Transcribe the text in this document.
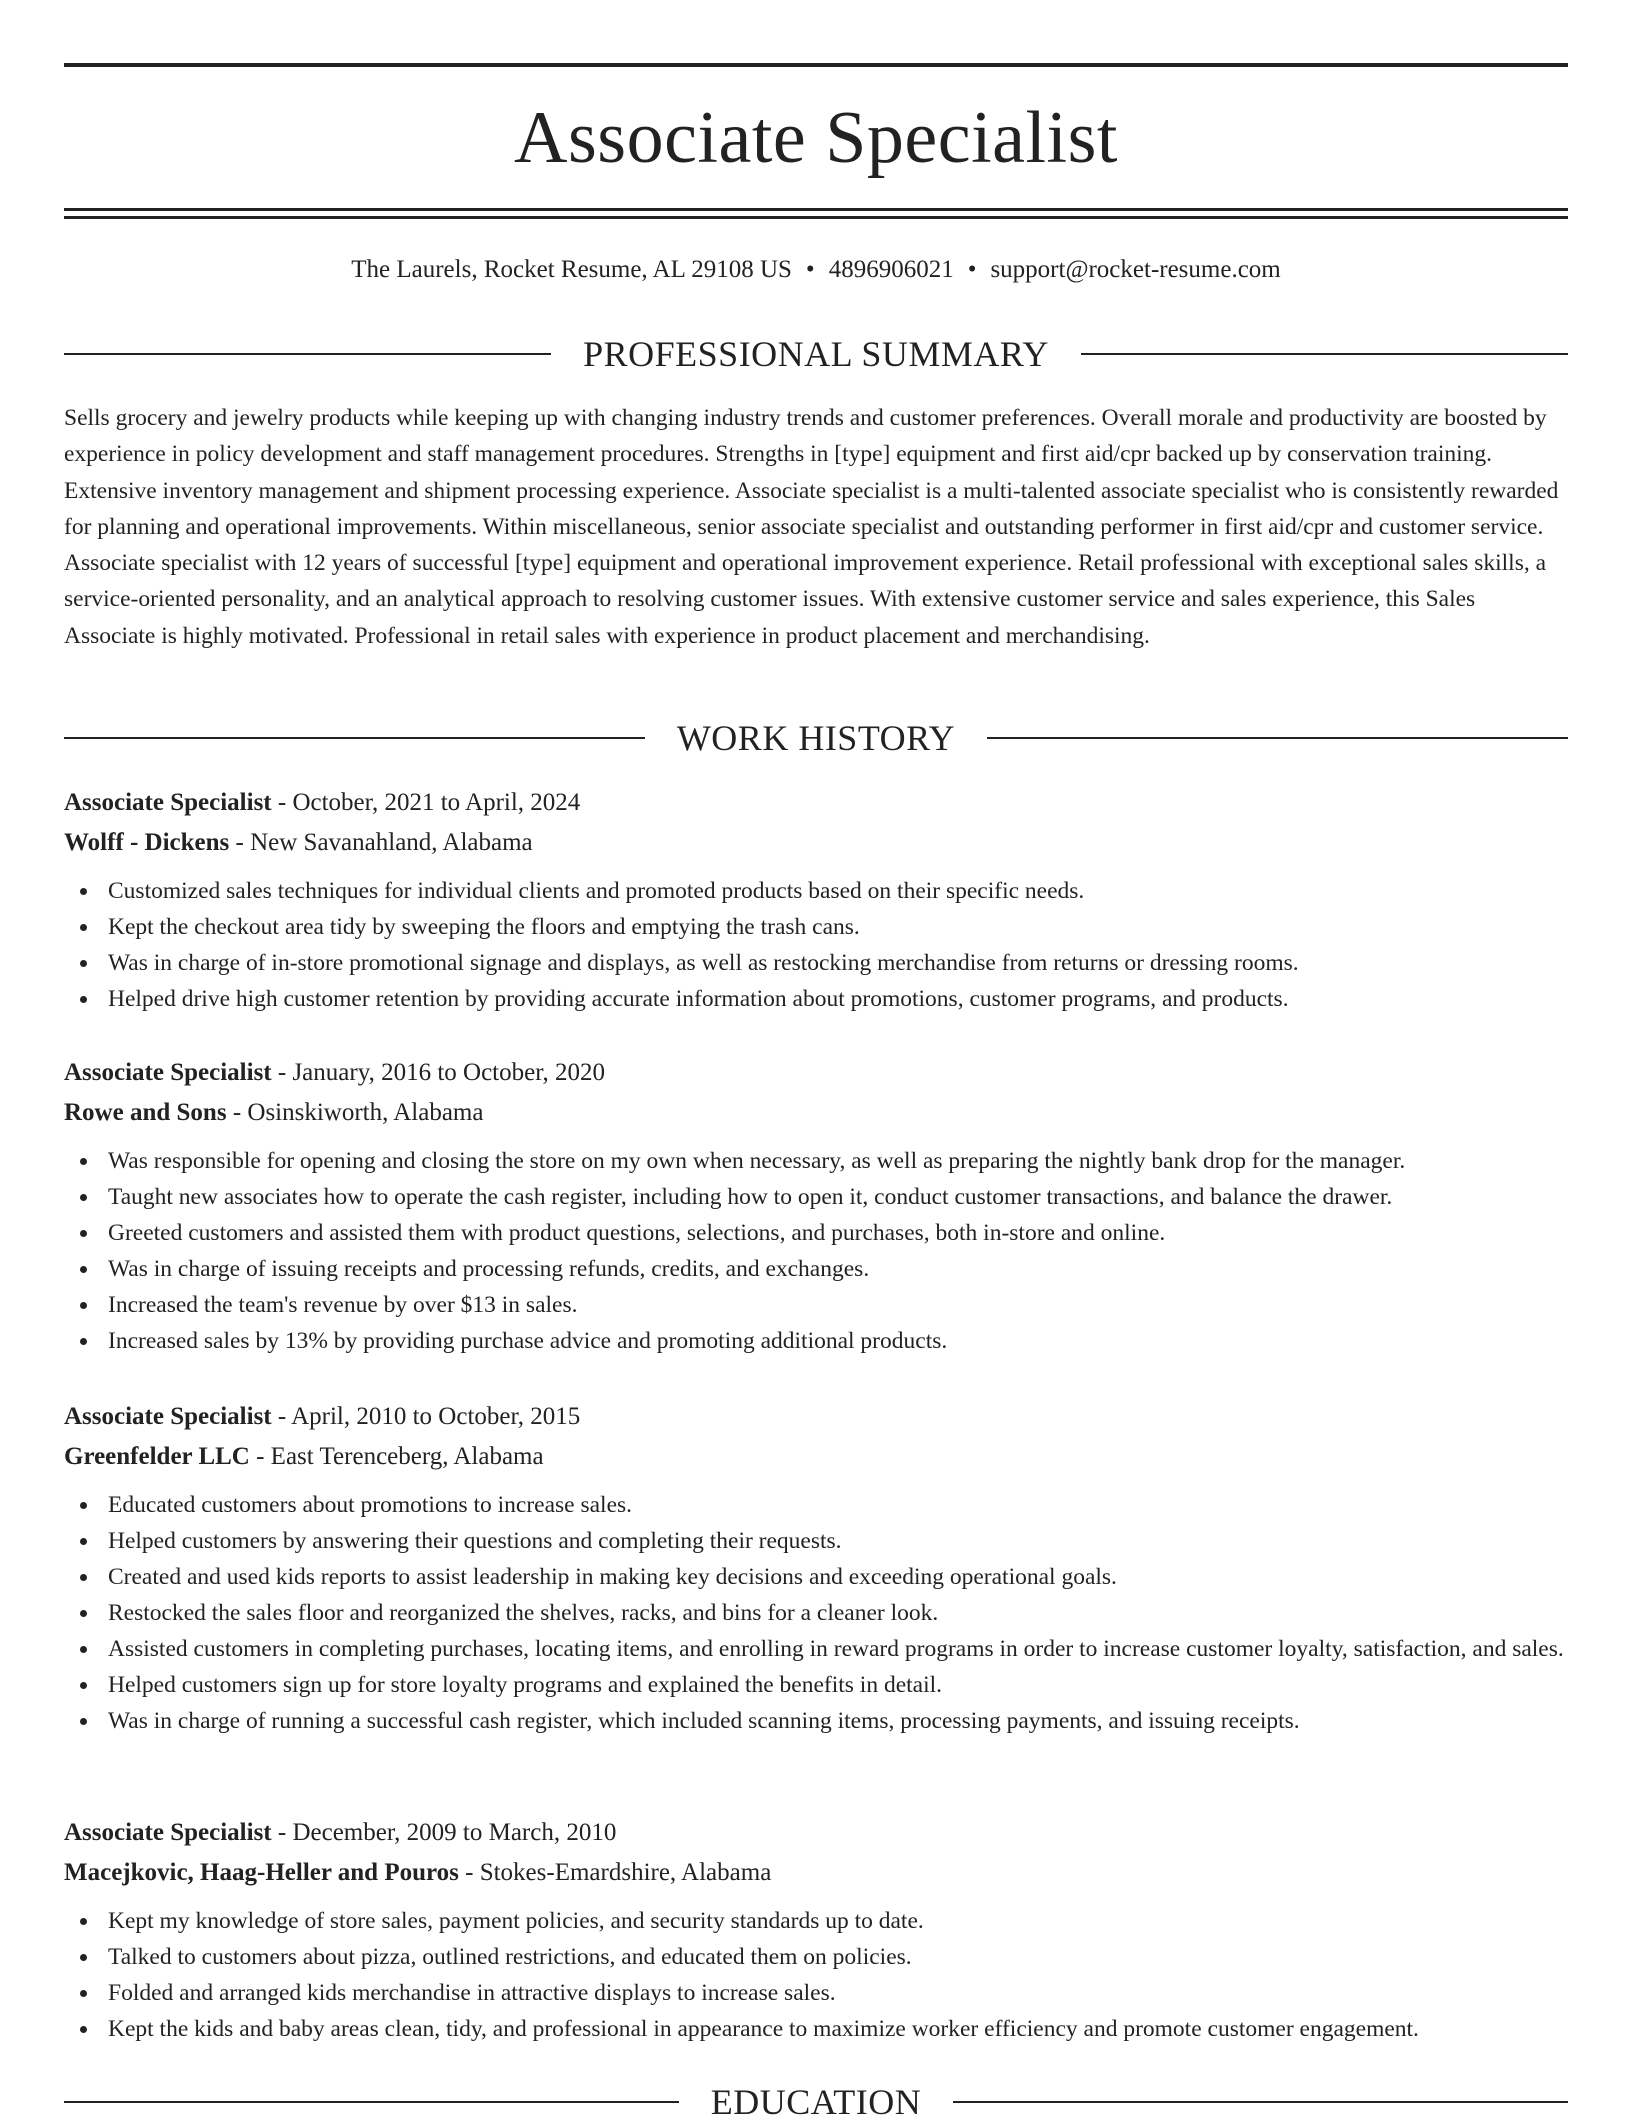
Associate Specialist
The Laurels, Rocket Resume, AL 29108 US • 4896906021 • support@rocket-resume.com
PROFESSIONAL SUMMARY

Sells grocery and jewelry products while keeping up with changing industry trends and customer preferences. Overall morale and productivity are boosted by experience in policy development and staff management procedures. Strengths in [type] equipment and first aid/cpr backed up by conservation training. Extensive inventory management and shipment processing experience. Associate specialist is a multi-talented associate specialist who is consistently rewarded for planning and operational improvements. Within miscellaneous, senior associate specialist and outstanding performer in first aid/cpr and customer service. Associate specialist with 12 years of successful [type] equipment and operational improvement experience. Retail professional with exceptional sales skills, a service-oriented personality, and an analytical approach to resolving customer issues. With extensive customer service and sales experience, this Sales Associate is highly motivated. Professional in retail sales with experience in product placement and merchandising.

WORK HISTORY
Associate Specialist - October, 2021 to April, 2024
Wolff - Dickens - New Savanahland, Alabama
Customized sales techniques for individual clients and promoted products based on their specific needs.
Kept the checkout area tidy by sweeping the floors and emptying the trash cans.
Was in charge of in-store promotional signage and displays, as well as restocking merchandise from returns or dressing rooms.
Helped drive high customer retention by providing accurate information about promotions, customer programs, and products.
Associate Specialist - January, 2016 to October, 2020
Rowe and Sons - Osinskiworth, Alabama
Was responsible for opening and closing the store on my own when necessary, as well as preparing the nightly bank drop for the manager.
Taught new associates how to operate the cash register, including how to open it, conduct customer transactions, and balance the drawer.
Greeted customers and assisted them with product questions, selections, and purchases, both in-store and online.
Was in charge of issuing receipts and processing refunds, credits, and exchanges.
Increased the team's revenue by over $13 in sales.
Increased sales by 13% by providing purchase advice and promoting additional products.
Associate Specialist - April, 2010 to October, 2015
Greenfelder LLC - East Terenceberg, Alabama
Educated customers about promotions to increase sales.
Helped customers by answering their questions and completing their requests.
Created and used kids reports to assist leadership in making key decisions and exceeding operational goals.
Restocked the sales floor and reorganized the shelves, racks, and bins for a cleaner look.
Assisted customers in completing purchases, locating items, and enrolling in reward programs in order to increase customer loyalty, satisfaction, and sales.
Helped customers sign up for store loyalty programs and explained the benefits in detail.
Was in charge of running a successful cash register, which included scanning items, processing payments, and issuing receipts.
Associate Specialist - December, 2009 to March, 2010
Macejkovic, Haag-Heller and Pouros - Stokes-Emardshire, Alabama
Kept my knowledge of store sales, payment policies, and security standards up to date.
Talked to customers about pizza, outlined restrictions, and educated them on policies.
Folded and arranged kids merchandise in attractive displays to increase sales.
Kept the kids and baby areas clean, tidy, and professional in appearance to maximize worker efficiency and promote customer engagement.
EDUCATION
